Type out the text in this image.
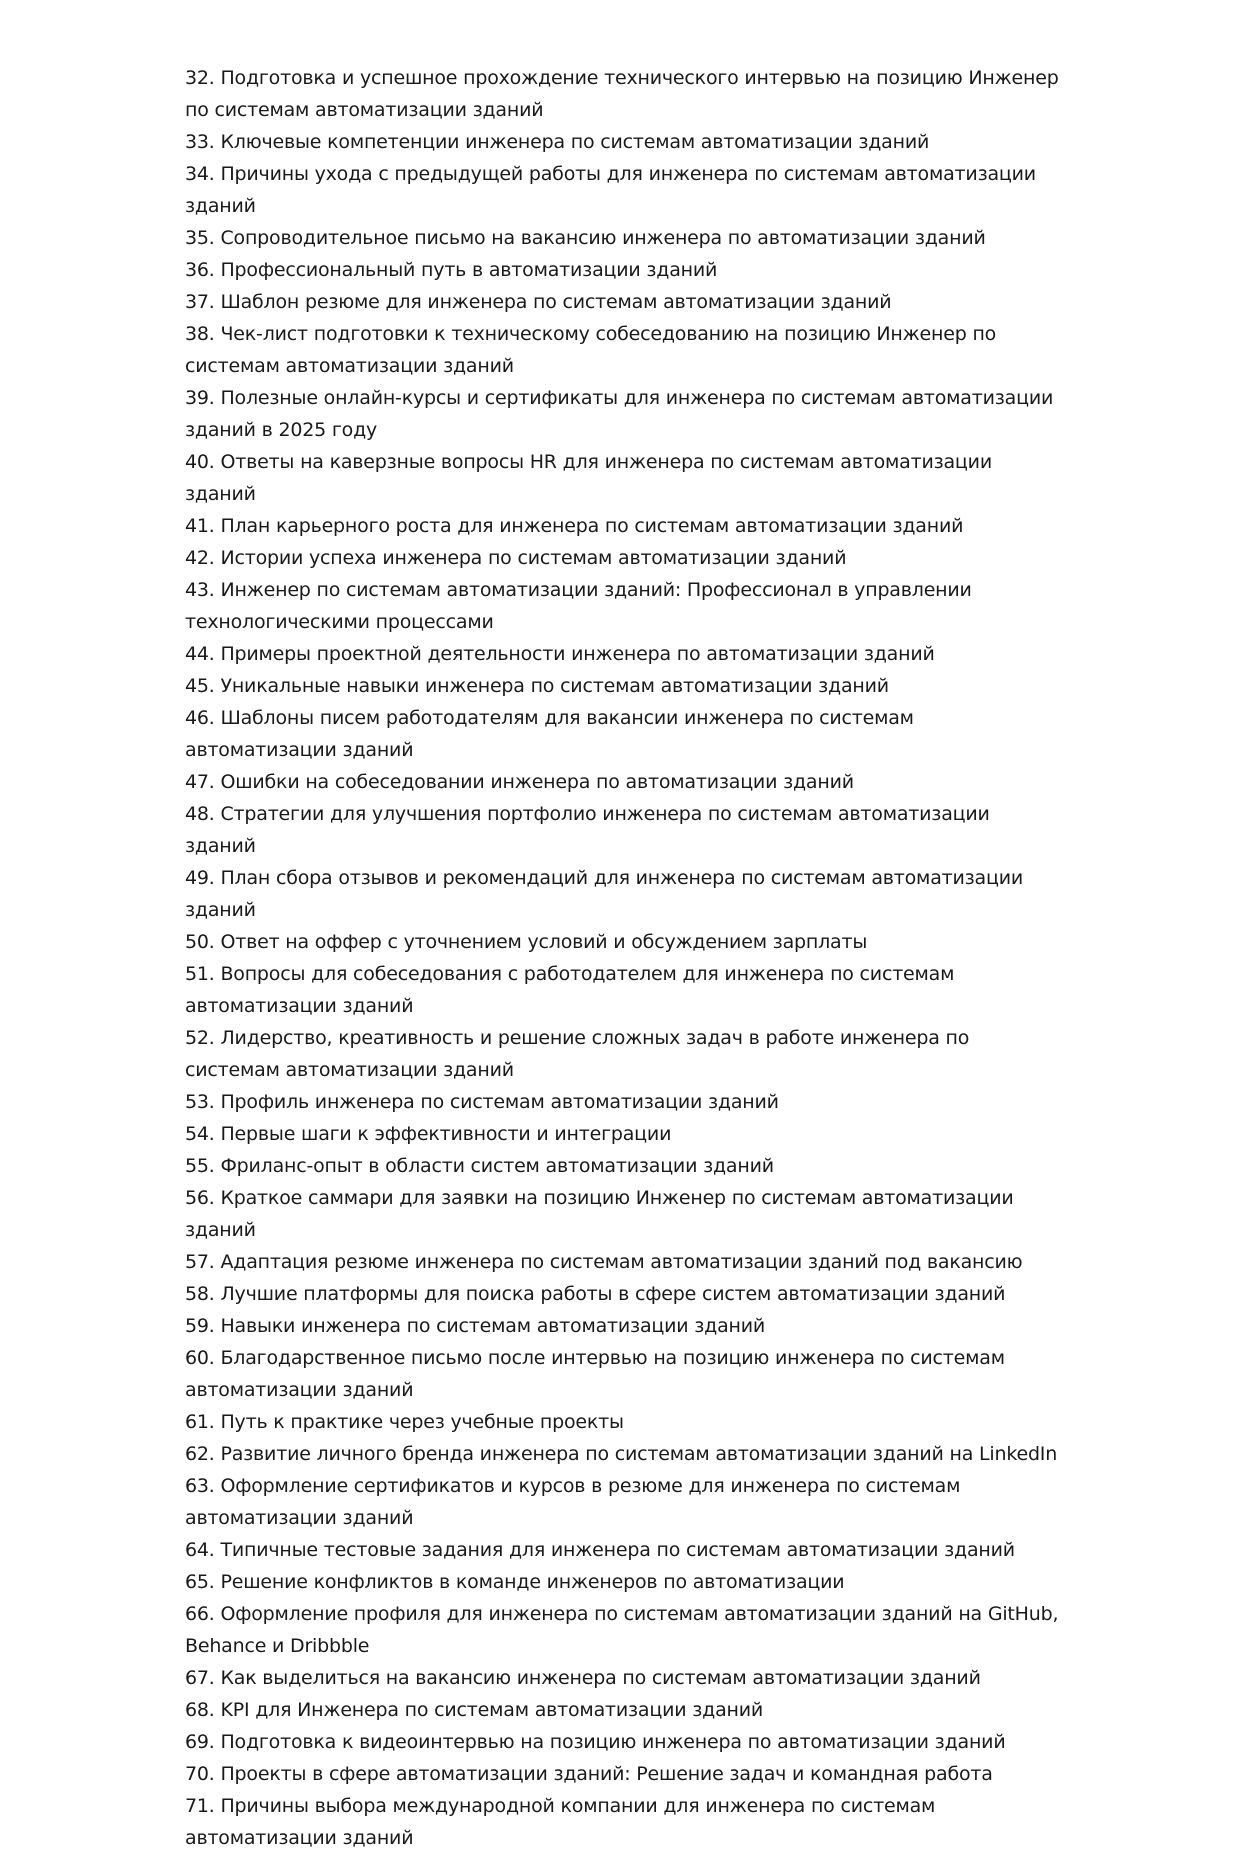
32. Подготовка и успешное прохождение технического интервью на позицию Инженер по системам автоматизации зданий
33. Ключевые компетенции инженера по системам автоматизации зданий
34. Причины ухода с предыдущей работы для инженера по системам автоматизации зданий
35. Сопроводительное письмо на вакансию инженера по автоматизации зданий
36. Профессиональный путь в автоматизации зданий
37. Шаблон резюме для инженера по системам автоматизации зданий
38. Чек-лист подготовки к техническому собеседованию на позицию Инженер по системам автоматизации зданий
39. Полезные онлайн-курсы и сертификаты для инженера по системам автоматизации зданий в 2025 году
40. Ответы на каверзные вопросы HR для инженера по системам автоматизации зданий
41. План карьерного роста для инженера по системам автоматизации зданий
42. Истории успеха инженера по системам автоматизации зданий
43. Инженер по системам автоматизации зданий: Профессионал в управлении технологическими процессами
44. Примеры проектной деятельности инженера по автоматизации зданий
45. Уникальные навыки инженера по системам автоматизации зданий
46. Шаблоны писем работодателям для вакансии инженера по системам автоматизации зданий
47. Ошибки на собеседовании инженера по автоматизации зданий
48. Стратегии для улучшения портфолио инженера по системам автоматизации зданий
49. План сбора отзывов и рекомендаций для инженера по системам автоматизации зданий
50. Ответ на оффер с уточнением условий и обсуждением зарплаты
51. Вопросы для собеседования с работодателем для инженера по системам автоматизации зданий
52. Лидерство, креативность и решение сложных задач в работе инженера по системам автоматизации зданий
53. Профиль инженера по системам автоматизации зданий
54. Первые шаги к эффективности и интеграции
55. Фриланс-опыт в области систем автоматизации зданий
56. Краткое саммари для заявки на позицию Инженер по системам автоматизации зданий
57. Адаптация резюме инженера по системам автоматизации зданий под вакансию
58. Лучшие платформы для поиска работы в сфере систем автоматизации зданий
59. Навыки инженера по системам автоматизации зданий
60. Благодарственное письмо после интервью на позицию инженера по системам автоматизации зданий
61. Путь к практике через учебные проекты
62. Развитие личного бренда инженера по системам автоматизации зданий на LinkedIn
63. Оформление сертификатов и курсов в резюме для инженера по системам автоматизации зданий
64. Типичные тестовые задания для инженера по системам автоматизации зданий
65. Решение конфликтов в команде инженеров по автоматизации
66. Оформление профиля для инженера по системам автоматизации зданий на GitHub, Behance и Dribbble
67. Как выделиться на вакансию инженера по системам автоматизации зданий
68. KPI для Инженера по системам автоматизации зданий
69. Подготовка к видеоинтервью на позицию инженера по автоматизации зданий
70. Проекты в сфере автоматизации зданий: Решение задач и командная работа
71. Причины выбора международной компании для инженера по системам автоматизации зданий
